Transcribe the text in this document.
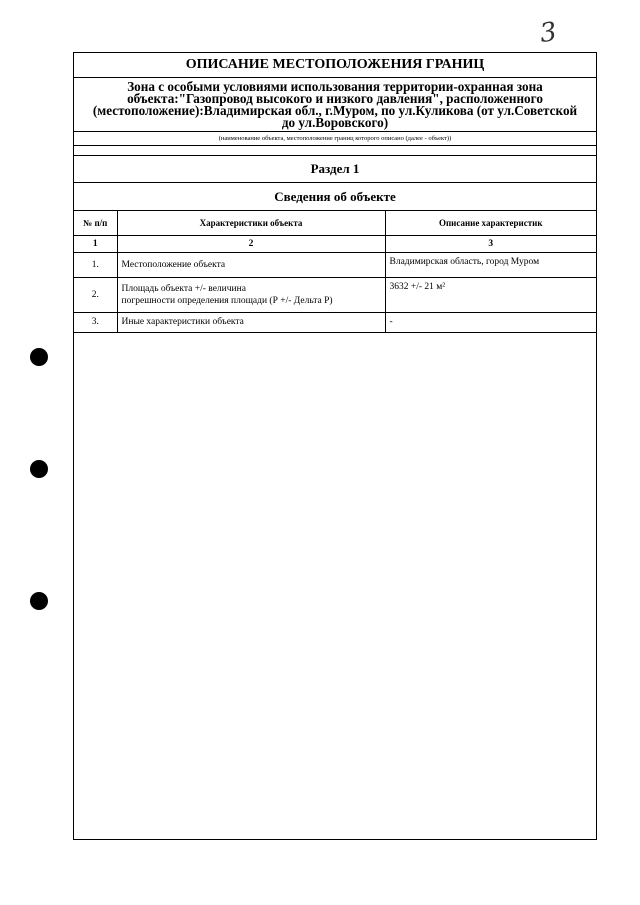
3
ОПИСАНИЕ МЕСТОПОЛОЖЕНИЯ ГРАНИЦ
Зона с особыми условиями использования территории-охранная зона
объекта:"Газопровод высокого и низкого давления", расположенного
(местоположение):Владимирская обл., г.Муром, по ул.Куликова (от ул.Советской
до ул.Воровского)
(наименование объекта, местоположение границ которого описано (далее - объект))
Раздел 1
Сведения об объекте
№ п/п	Характеристики объекта	Описание характеристик
1	2	3
1.	Местоположение объекта	Владимирская область, город Муром
2.	Площадь объекта +/- величина
погрешности определения площади (Р +/- Дельта Р)	3632 +/- 21 м²
3.	Иные характеристики объекта	-
